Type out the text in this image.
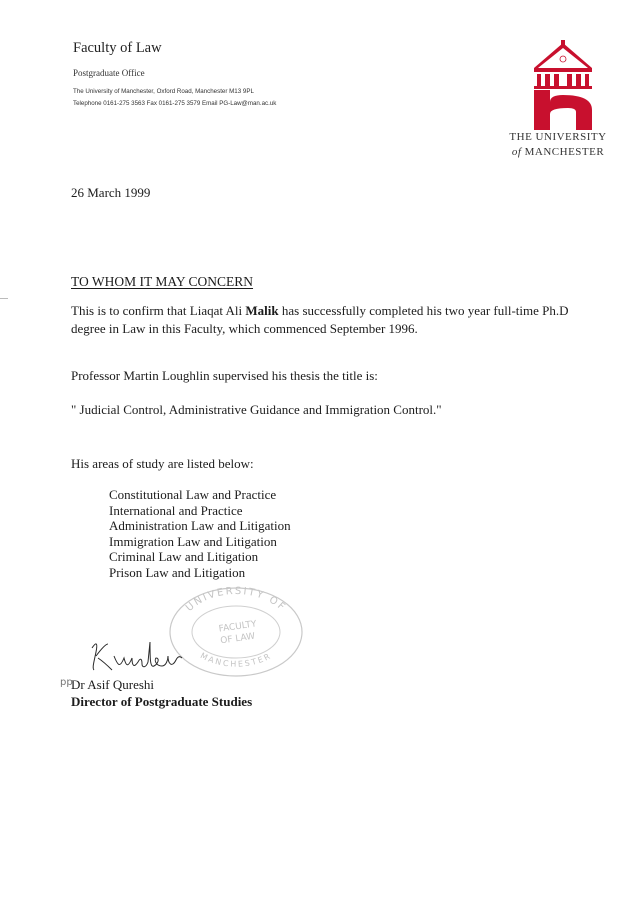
Faculty of Law
Postgraduate Office
The University of Manchester, Oxford Road, Manchester M13 9PL
Telephone 0161-275 3563 Fax 0161-275 3579 Email PG-Law@man.ac.uk
THE UNIVERSITY
of MANCHESTER
26 March 1999
TO WHOM IT MAY CONCERN
This is to confirm that Liaqat Ali Malik has successfully completed his two year full-time Ph.D degree in Law in this Faculty, which commenced September 1996.
Professor Martin Loughlin supervised his thesis the title is:
" Judicial Control, Administrative Guidance and Immigration Control."
His areas of study are listed below:
Constitutional Law and Practice
International and Practice
Administration Law and Litigation
Immigration Law and Litigation
Criminal Law and Litigation
Prison Law and Litigation
UNIVERSITY OF
MANCHESTER
FACULTY
OF LAW
pp
Dr Asif Qureshi
Director of Postgraduate Studies
